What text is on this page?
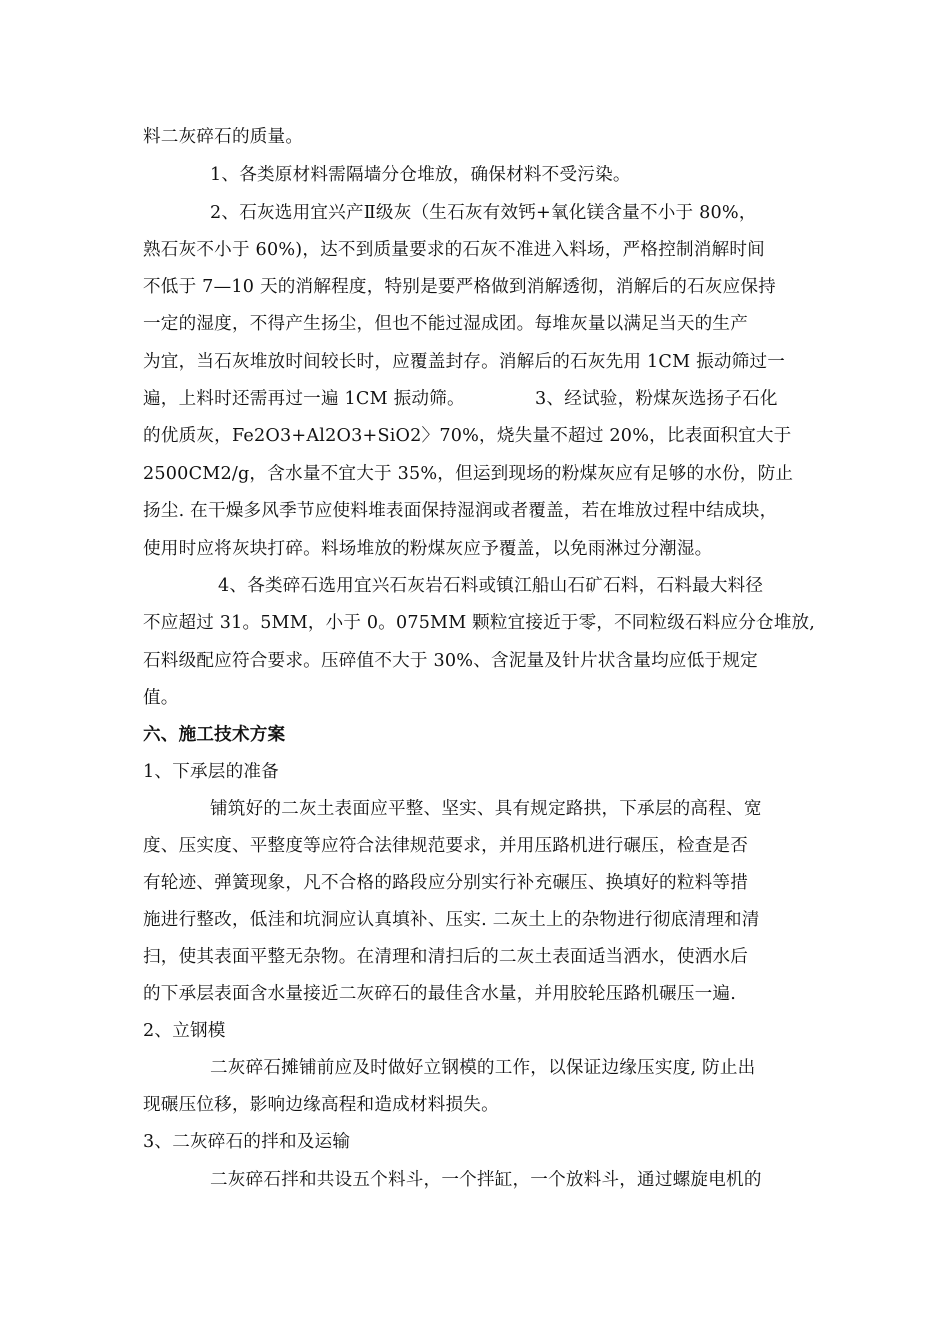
料二灰碎石的质量。
1、各类原材料需隔墙分仓堆放，确保材料不受污染。
2、石灰选用宜兴产Ⅱ级灰（生石灰有效钙+氧化镁含量不小于 80%，
熟石灰不小于 60%)，达不到质量要求的石灰不准进入料场，严格控制消解时间
不低于 7—10 天的消解程度，特别是要严格做到消解透彻，消解后的石灰应保持
一定的湿度，不得产生扬尘，但也不能过湿成团。每堆灰量以满足当天的生产
为宜，当石灰堆放时间较长时，应覆盖封存。消解后的石灰先用 1CM 振动筛过一
遍，上料时还需再过一遍 1CM 振动筛。	3、经试验，粉煤灰选扬子石化
的优质灰，Fe2O3+Al2O3+SiO2〉70%，烧失量不超过 20%，比表面积宜大于
2500CM2/g，含水量不宜大于 35%，但运到现场的粉煤灰应有足够的水份，防止
扬尘. 在干燥多风季节应使料堆表面保持湿润或者覆盖，若在堆放过程中结成块，
使用时应将灰块打碎。料场堆放的粉煤灰应予覆盖，以免雨淋过分潮湿。
4、各类碎石选用宜兴石灰岩石料或镇江船山石矿石料，石料最大料径
不应超过 31。5MM，小于 0。075MM 颗粒宜接近于零，不同粒级石料应分仓堆放,
石料级配应符合要求。压碎值不大于 30%、含泥量及针片状含量均应低于规定
值。
六、施工技术方案
1、下承层的准备
铺筑好的二灰土表面应平整、坚实、具有规定路拱，下承层的高程、宽
度、压实度、平整度等应符合法律规范要求，并用压路机进行碾压，检查是否
有轮迹、弹簧现象，凡不合格的路段应分别实行补充碾压、换填好的粒料等措
施进行整改，低洼和坑洞应认真填补、压实. 二灰土上的杂物进行彻底清理和清
扫，使其表面平整无杂物。在清理和清扫后的二灰土表面适当洒水，使洒水后
的下承层表面含水量接近二灰碎石的最佳含水量，并用胶轮压路机碾压一遍.
2、立钢模
二灰碎石摊铺前应及时做好立钢模的工作，以保证边缘压实度, 防止出
现碾压位移，影响边缘高程和造成材料损失。
3、二灰碎石的拌和及运输
二灰碎石拌和共设五个料斗，一个拌缸，一个放料斗，通过螺旋电机的
